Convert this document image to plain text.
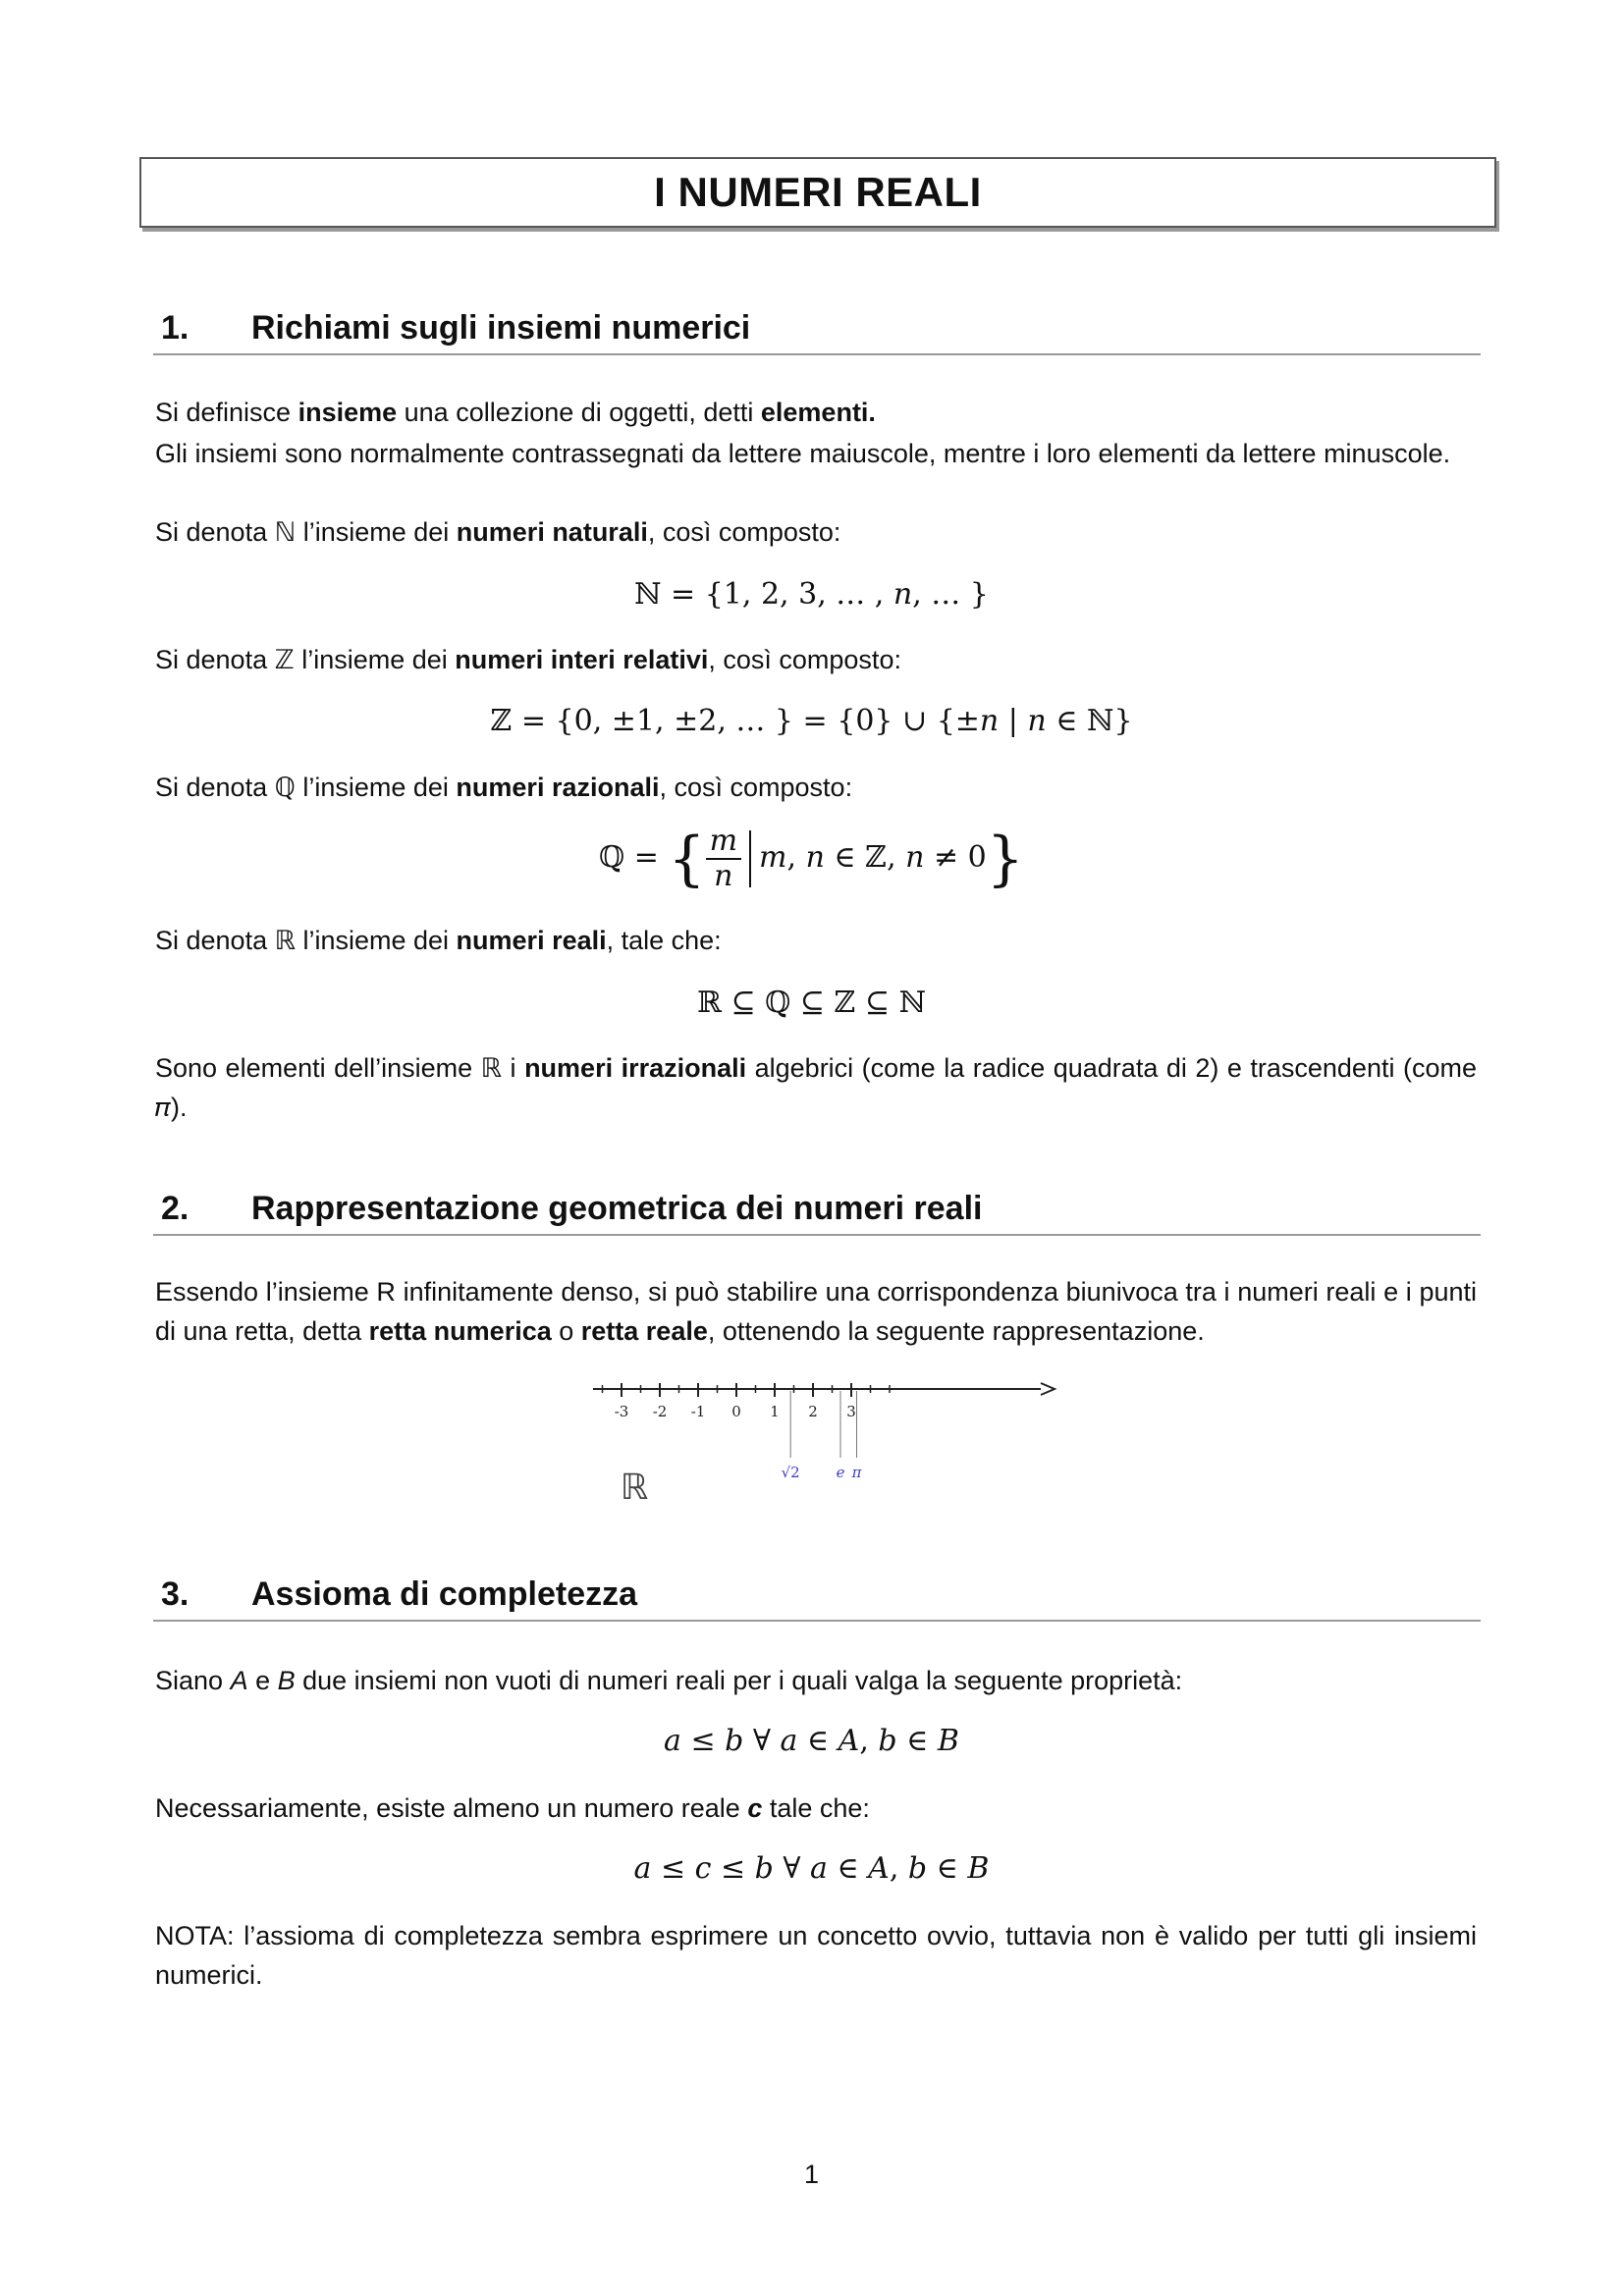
I NUMERI REALI
1.	Richiami sugli insiemi numerici
Si definisce insieme una collezione di oggetti, detti elementi.
Gli insiemi sono normalmente contrassegnati da lettere maiuscole, mentre i loro elementi da lettere minuscole.
Si denota ℕ l’insieme dei numeri naturali, così composto:
ℕ = {1, 2, 3, … , 𝑛, … }
Si denota ℤ l’insieme dei numeri interi relativi, così composto:
ℤ = {0, ±1, ±2, … } = {0} ∪ {±𝑛 | 𝑛 ∈ ℕ}
Si denota ℚ l’insieme dei numeri razionali, così composto:
ℚ = { $\frac{m}{n}$ 𝑚, 𝑛 ∈ ℤ, 𝑛 ≠ 0}
Si denota ℝ l’insieme dei numeri reali, tale che:
ℝ ⊆ ℚ ⊆ ℤ ⊆ ℕ
Sono elementi dell’insieme ℝ i numeri irrazionali algebrici (come la radice quadrata di 2) e trascendenti (come 𝜋).
2.	Rappresentazione geometrica dei numeri reali
Essendo l’insieme R infinitamente denso, si può stabilire una corrispondenza biunivoca tra i numeri reali e i punti di una retta, detta retta numerica o retta reale, ottenendo la seguente rappresentazione.
-3 -2 -1 0 1 2 3
√2 e π
ℝ
3.	Assioma di completezza
Siano A e B due insiemi non vuoti di numeri reali per i quali valga la seguente proprietà:
𝑎 ≤ 𝑏 ∀ 𝑎 ∈ 𝐴, 𝑏 ∈ 𝐵
Necessariamente, esiste almeno un numero reale c tale che:
𝑎 ≤ 𝑐 ≤ 𝑏 ∀ 𝑎 ∈ 𝐴, 𝑏 ∈ 𝐵
NOTA: l’assioma di completezza sembra esprimere un concetto ovvio, tuttavia non è valido per tutti gli insiemi numerici.
1
